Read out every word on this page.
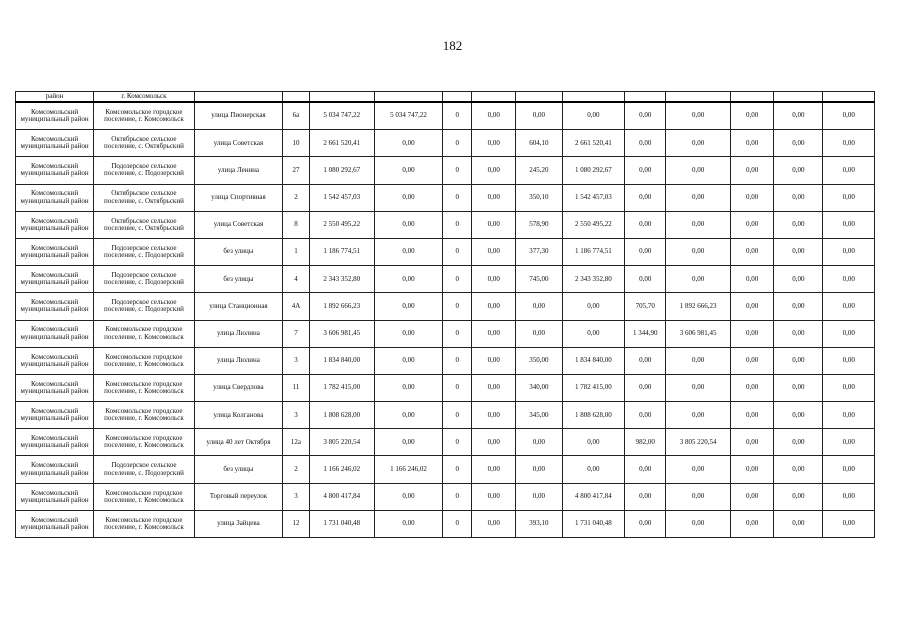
182
район	г. Комсомольск													
Комсомольский муниципальный район	Комсомольское городское поселение, г. Комсомольск	улица Пионерская	6а	5 034 747,22	5 034 747,22	0	0,00	0,00	0,00	0,00	0,00	0,00	0,00	0,00
Комсомольский муниципальный район	Октябрьское сельское поселение, с. Октябрьский	улица Советская	10	2 661 520,41	0,00	0	0,00	604,10	2 661 520,41	0,00	0,00	0,00	0,00	0,00
Комсомольский муниципальный район	Подозерское сельское поселение, с. Подозерский	улица Ленина	27	1 080 292,67	0,00	0	0,00	245,20	1 080 292,67	0,00	0,00	0,00	0,00	0,00
Комсомольский муниципальный район	Октябрьское сельское поселение, с. Октябрьский	улица Спортивная	2	1 542 457,03	0,00	0	0,00	350,10	1 542 457,03	0,00	0,00	0,00	0,00	0,00
Комсомольский муниципальный район	Октябрьское сельское поселение, с. Октябрьский	улица Советская	8	2 550 495,22	0,00	0	0,00	578,90	2 550 495,22	0,00	0,00	0,00	0,00	0,00
Комсомольский муниципальный район	Подозерское сельское поселение, с. Подозерский	без улицы	1	1 186 774,51	0,00	0	0,00	377,30	1 186 774,51	0,00	0,00	0,00	0,00	0,00
Комсомольский муниципальный район	Подозерское сельское поселение, с. Подозерский	без улицы	4	2 343 352,80	0,00	0	0,00	745,00	2 343 352,80	0,00	0,00	0,00	0,00	0,00
Комсомольский муниципальный район	Подозерское сельское поселение, с. Подозерский	улица Станционная	4А	1 892 666,23	0,00	0	0,00	0,00	0,00	705,70	1 892 666,23	0,00	0,00	0,00
Комсомольский муниципальный район	Комсомольское городское поселение, г. Комсомольск	улица Люлина	7	3 606 981,45	0,00	0	0,00	0,00	0,00	1 344,90	3 606 981,45	0,00	0,00	0,00
Комсомольский муниципальный район	Комсомольское городское поселение, г. Комсомольск	улица Люлина	3	1 834 840,00	0,00	0	0,00	350,00	1 834 840,00	0,00	0,00	0,00	0,00	0,00
Комсомольский муниципальный район	Комсомольское городское поселение, г. Комсомольск	улица Свердлова	11	1 782 415,00	0,00	0	0,00	340,00	1 782 415,00	0,00	0,00	0,00	0,00	0,00
Комсомольский муниципальный район	Комсомольское городское поселение, г. Комсомольск	улица Колганова	3	1 808 628,00	0,00	0	0,00	345,00	1 808 628,00	0,00	0,00	0,00	0,00	0,00
Комсомольский муниципальный район	Комсомольское городское поселение, г. Комсомольск	улица 40 лет Октября	12а	3 805 220,54	0,00	0	0,00	0,00	0,00	982,00	3 805 220,54	0,00	0,00	0,00
Комсомольский муниципальный район	Подозерское сельское поселение, с. Подозерский	без улицы	2	1 166 246,02	1 166 246,02	0	0,00	0,00	0,00	0,00	0,00	0,00	0,00	0,00
Комсомольский муниципальный район	Комсомольское городское поселение, г. Комсомольск	Торговый переулок	3	4 800 417,84	0,00	0	0,00	0,00	4 800 417,84	0,00	0,00	0,00	0,00	0,00
Комсомольский муниципальный район	Комсомольское городское поселение, г. Комсомольск	улица Зайцева	12	1 731 040,48	0,00	0	0,00	393,10	1 731 040,48	0,00	0,00	0,00	0,00	0,00
